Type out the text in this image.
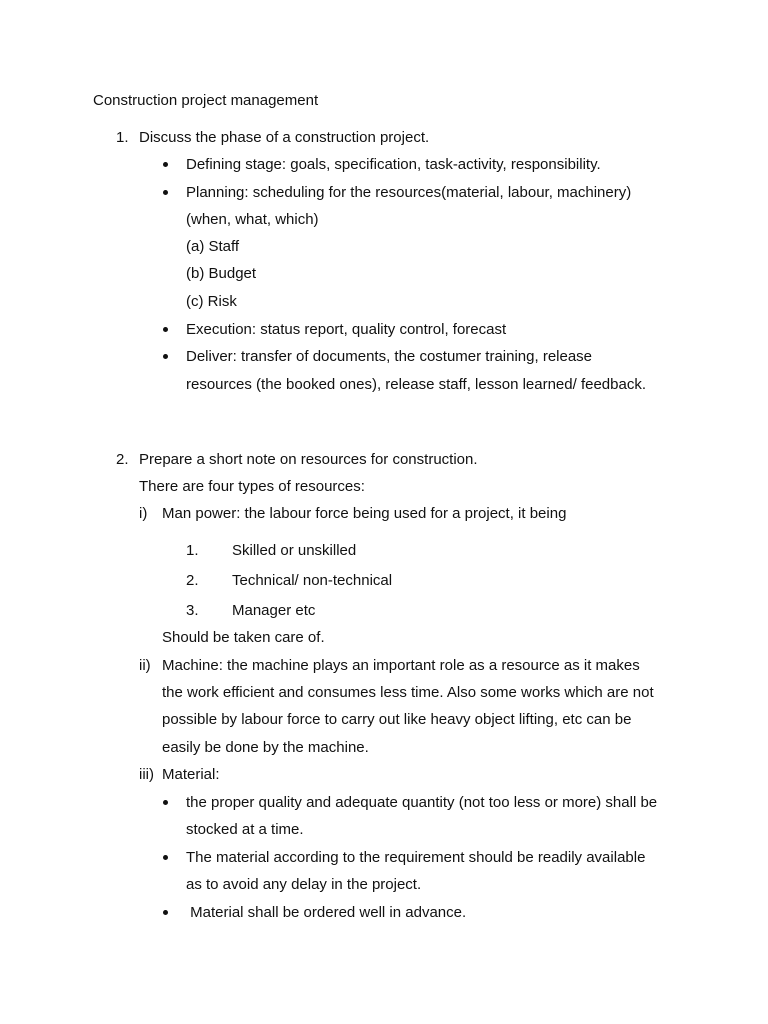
Construction project management
1. Discuss the phase of a construction project.
Defining stage: goals, specification, task-activity, responsibility.
Planning: scheduling for the resources(material, labour, machinery)
(when, what, which)
(a) Staff
(b) Budget
(c) Risk
Execution: status report, quality control, forecast
Deliver: transfer of documents, the costumer training, release
resources (the booked ones), release staff, lesson learned/ feedback.
2. Prepare a short note on resources for construction.
There are four types of resources:
i) Man power: the labour force being used for a project, it being
1. Skilled or unskilled
2. Technical/ non-technical
3. Manager etc
Should be taken care of.
ii) Machine: the machine plays an important role as a resource as it makes
the work efficient and consumes less time. Also some works which are not
possible by labour force to carry out like heavy object lifting, etc can be
easily be done by the machine.
iii) Material:
the proper quality and adequate quantity (not too less or more) shall be
stocked at a time.
The material according to the requirement should be readily available
as to avoid any delay in the project.
Material shall be ordered well in advance.
